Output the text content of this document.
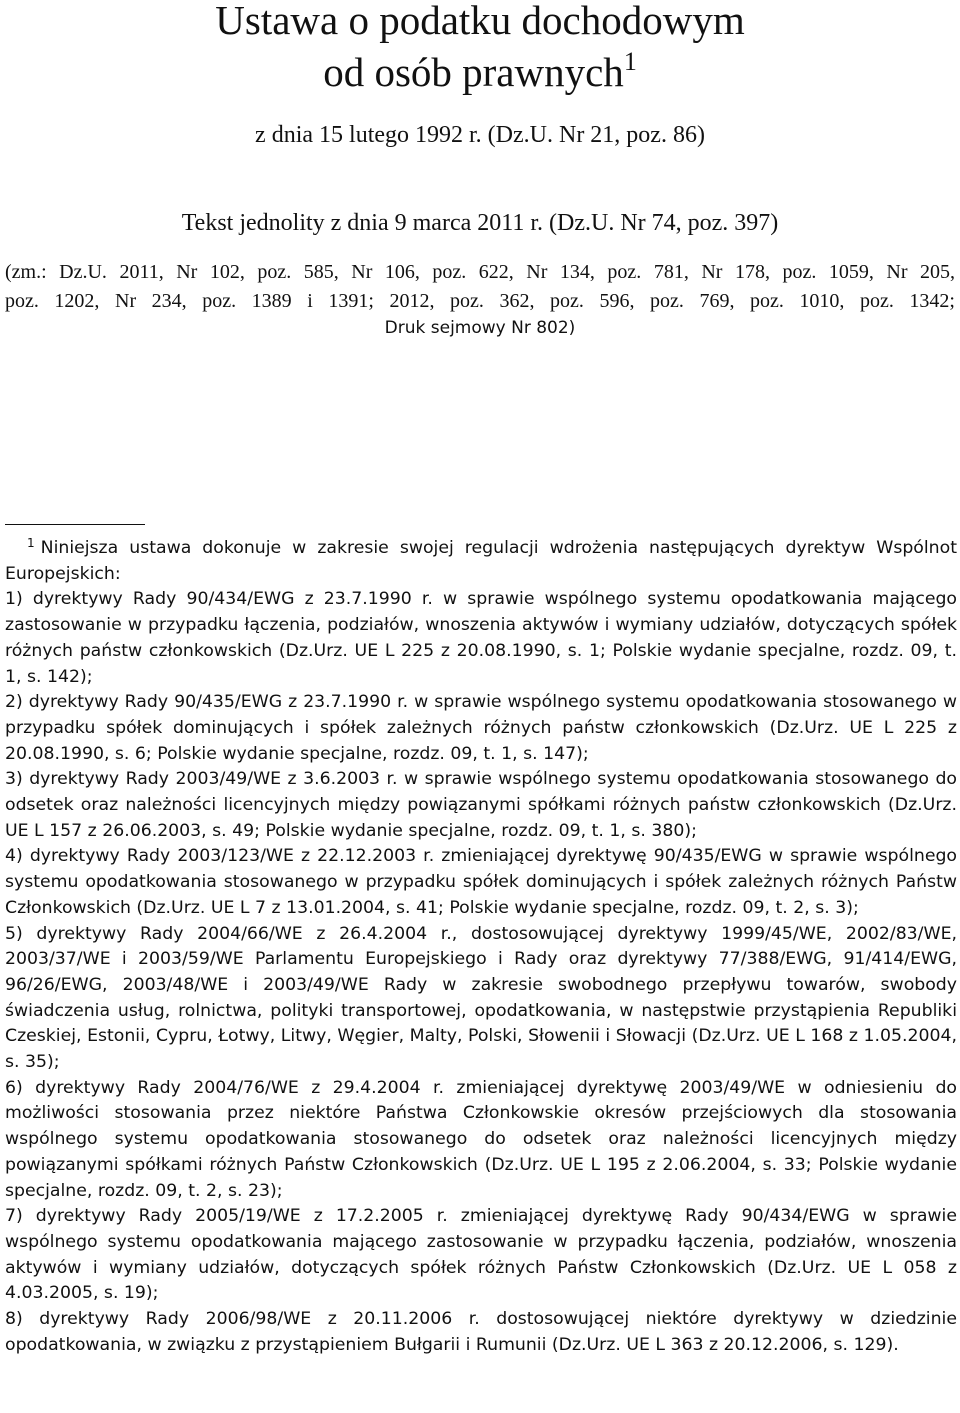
Ustawa o podatku dochodowym
od osób prawnych$^1$

z dnia 15 lutego 1992 r. (Dz.U. Nr 21, poz. 86)

Tekst jednolity z dnia 9 marca 2011 r. (Dz.U. Nr 74, poz. 397)

(zm.: Dz.U. 2011, Nr 102, poz. 585, Nr 106, poz. 622, Nr 134, poz. 781, Nr 178, poz. 1059, Nr 205,

poz. 1202, Nr 234, poz. 1389 i 1391; 2012, poz. 362, poz. 596, poz. 769, poz. 1010, poz. 1342;

Druk sejmowy Nr 802)

$^1$ Niniejsza ustawa dokonuje w zakresie swojej regulacji wdrożenia następujących dyrektyw Wspólnot Europejskich:

1) dyrektywy Rady 90/434/EWG z 23.7.1990 r. w sprawie wspólnego systemu opodatkowania mającego zastosowanie w przypadku łączenia, podziałów, wnoszenia aktywów i wymiany udziałów, dotyczących spółek różnych państw członkowskich (Dz.Urz. UE L 225 z 20.08.1990, s. 1; Polskie wydanie specjalne, rozdz. 09, t. 1, s. 142);

2) dyrektywy Rady 90/435/EWG z 23.7.1990 r. w sprawie wspólnego systemu opodatkowania stosowanego w przypadku spółek dominujących i spółek zależnych różnych państw członkowskich (Dz.Urz. UE L 225 z 20.08.1990, s. 6; Polskie wydanie specjalne, rozdz. 09, t. 1, s. 147);

3) dyrektywy Rady 2003/49/WE z 3.6.2003 r. w sprawie wspólnego systemu opodatkowania stosowanego do odsetek oraz należności licencyjnych między powiązanymi spółkami różnych państw członkowskich (Dz.Urz. UE L 157 z 26.06.2003, s. 49; Polskie wydanie specjalne, rozdz. 09, t. 1, s. 380);

4) dyrektywy Rady 2003/123/WE z 22.12.2003 r. zmieniającej dyrektywę 90/435/EWG w sprawie wspólnego systemu opodatkowania stosowanego w przypadku spółek dominujących i spółek zależnych różnych Państw Członkowskich (Dz.Urz. UE L 7 z 13.01.2004, s. 41; Polskie wydanie specjalne, rozdz. 09, t. 2, s. 3);

5) dyrektywy Rady 2004/66/WE z 26.4.2004 r., dostosowującej dyrektywy 1999/45/WE, 2002/83/WE, 2003/37/WE i 2003/59/WE Parlamentu Europejskiego i Rady oraz dyrektywy 77/388/EWG, 91/414/EWG, 96/26/EWG, 2003/48/WE i 2003/49/WE Rady w zakresie swobodnego przepływu towarów, swobody świadczenia usług, rolnictwa, polityki transportowej, opodatkowania, w następstwie przystąpienia Republiki Czeskiej, Estonii, Cypru, Łotwy, Litwy, Węgier, Malty, Polski, Słowenii i Słowacji (Dz.Urz. UE L 168 z 1.05.2004, s. 35);

6) dyrektywy Rady 2004/76/WE z 29.4.2004 r. zmieniającej dyrektywę 2003/49/WE w odniesieniu do możliwości stosowania przez niektóre Państwa Członkowskie okresów przejściowych dla stosowania wspólnego systemu opodatkowania stosowanego do odsetek oraz należności licencyjnych między powiązanymi spółkami różnych Państw Członkowskich (Dz.Urz. UE L 195 z 2.06.2004, s. 33; Polskie wydanie specjalne, rozdz. 09, t. 2, s. 23);

7) dyrektywy Rady 2005/19/WE z 17.2.2005 r. zmieniającej dyrektywę Rady 90/434/EWG w sprawie wspólnego systemu opodatkowania mającego zastosowanie w przypadku łączenia, podziałów, wnoszenia aktywów i wymiany udziałów, dotyczących spółek różnych Państw Członkowskich (Dz.Urz. UE L 058 z 4.03.2005, s. 19);

8) dyrektywy Rady 2006/98/WE z 20.11.2006 r. dostosowującej niektóre dyrektywy w dziedzinie opodatkowania, w związku z przystąpieniem Bułgarii i Rumunii (Dz.Urz. UE L 363 z 20.12.2006, s. 129).
